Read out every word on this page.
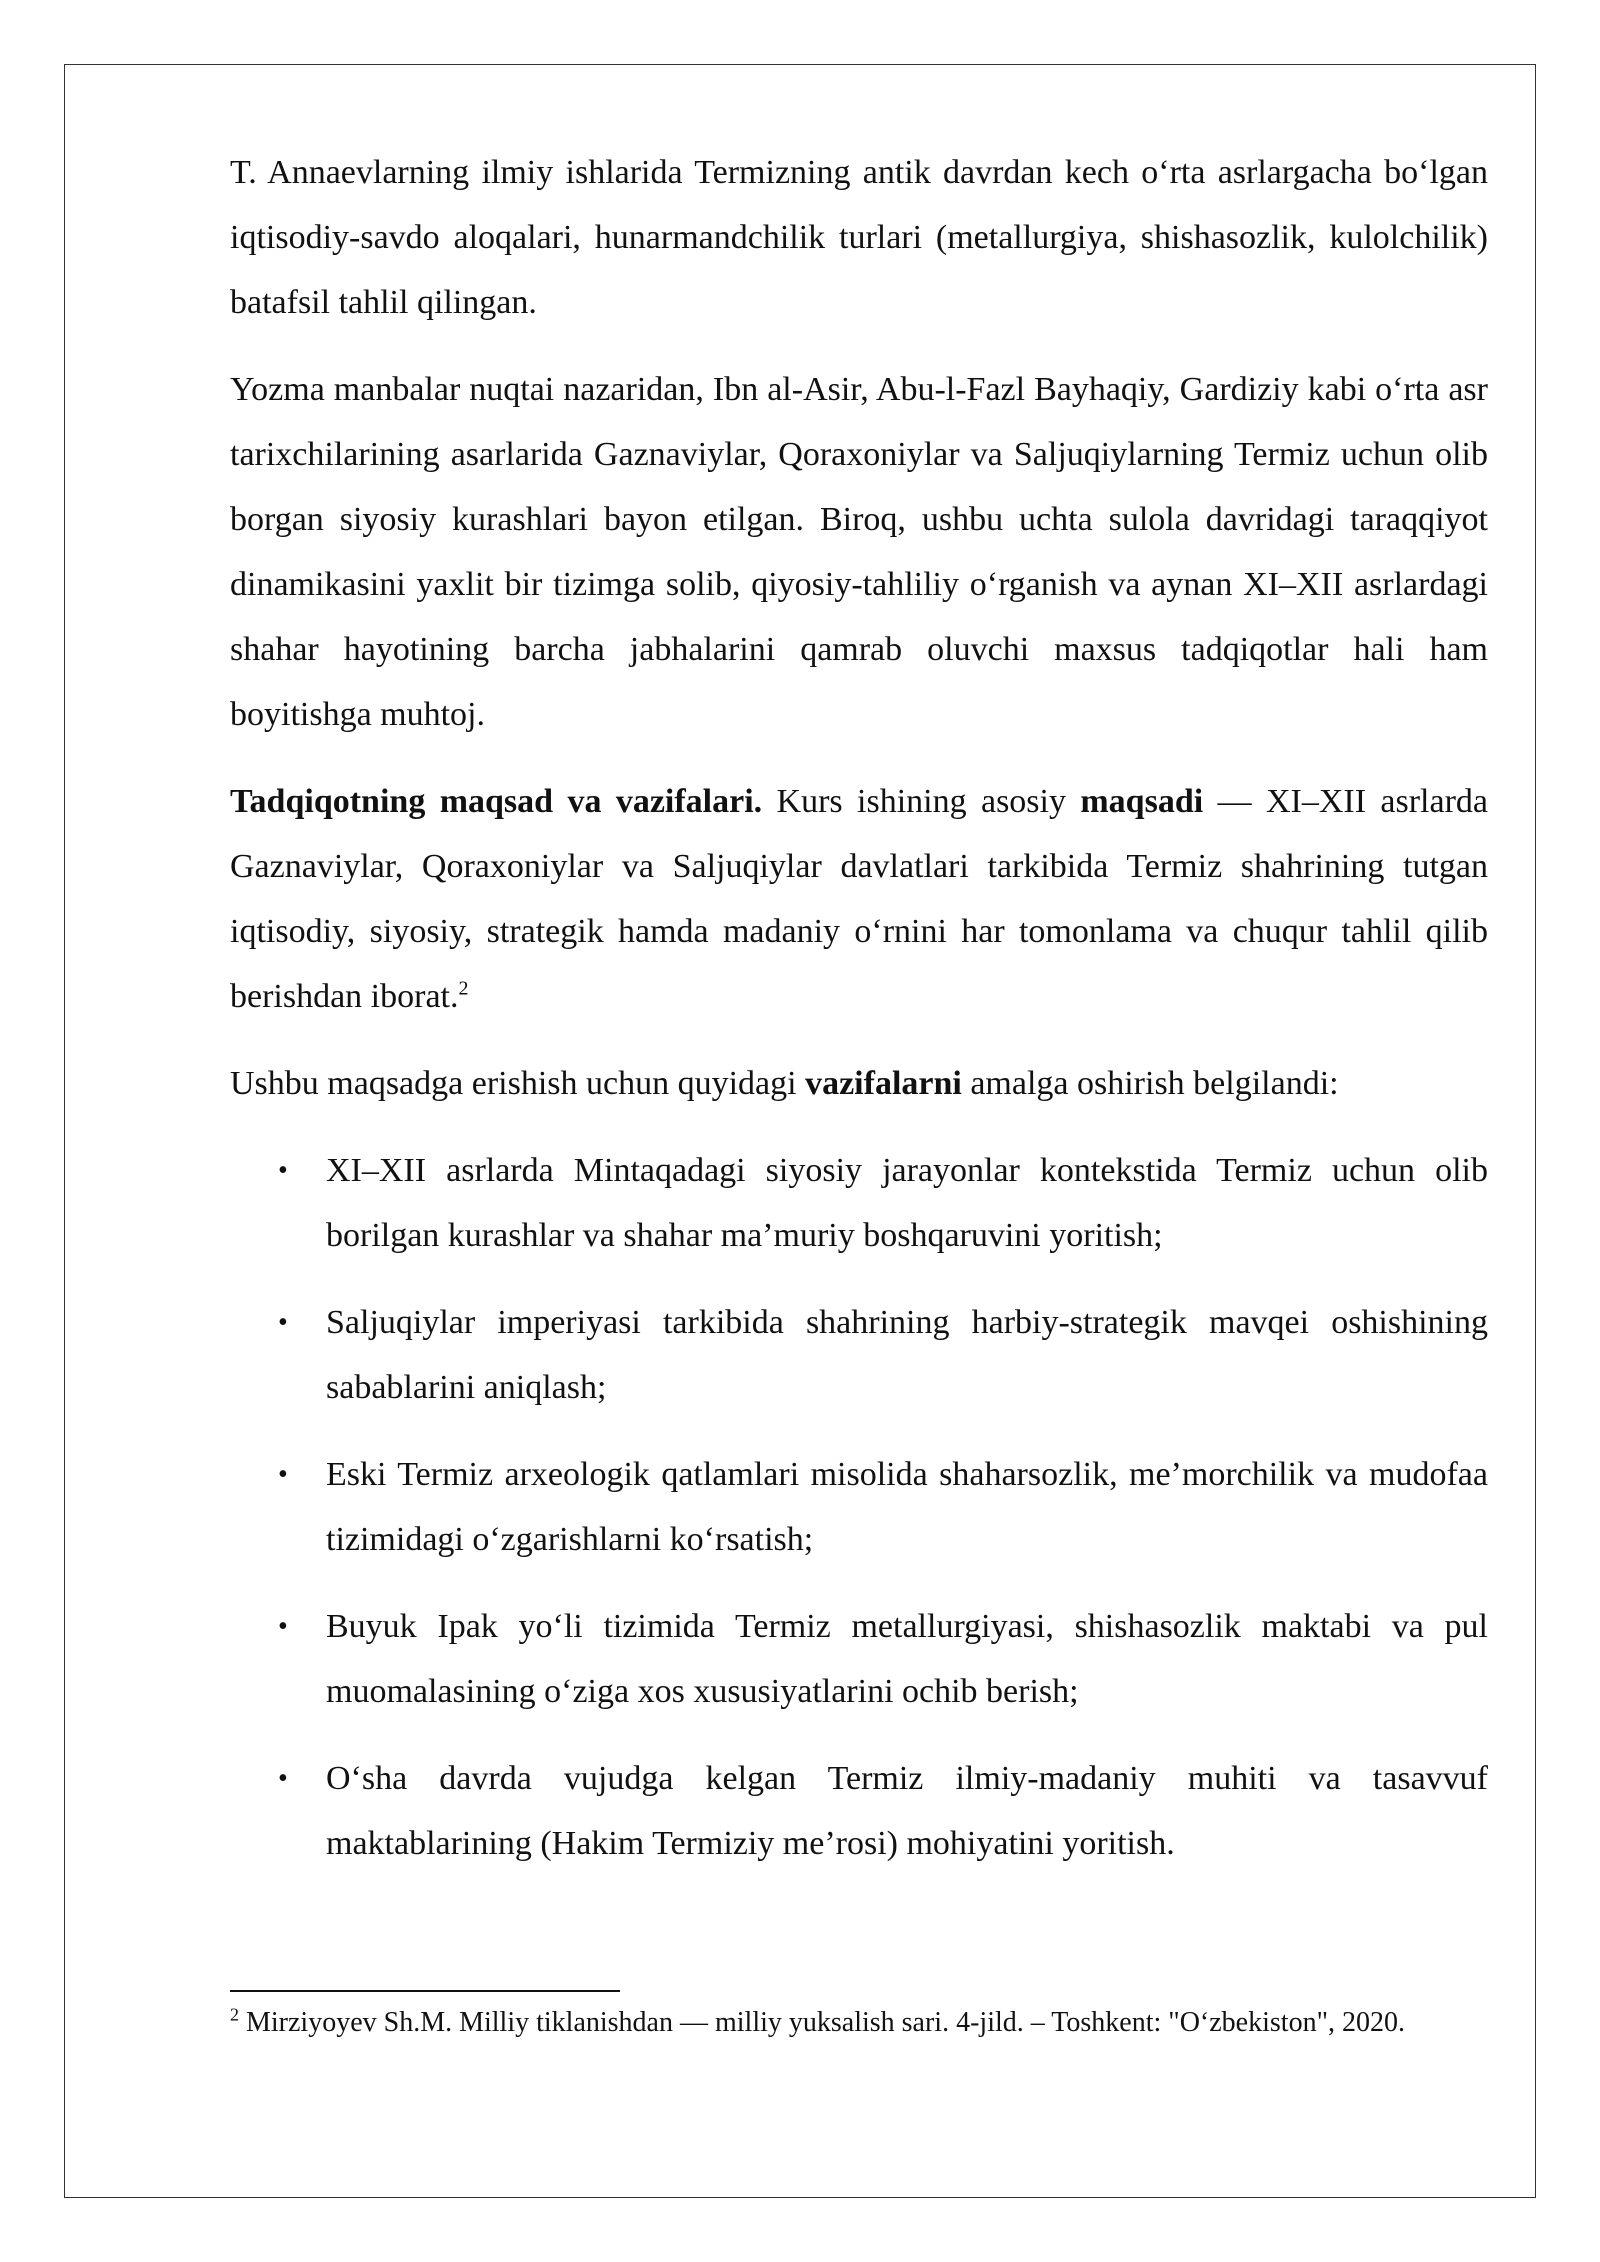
T. Annaevlarning ilmiy ishlarida Termizning antik davrdan kech o‘rta asrlargacha bo‘lgan iqtisodiy-savdo aloqalari, hunarmandchilik turlari (metallurgiya, shishasozlik, kulolchilik) batafsil tahlil qilingan.

Yozma manbalar nuqtai nazaridan, Ibn al-Asir, Abu-l-Fazl Bayhaqiy, Gardiziy kabi o‘rta asr tarixchilarining asarlarida Gaznaviylar, Qoraxoniylar va Saljuqiylarning Termiz uchun olib borgan siyosiy kurashlari bayon etilgan. Biroq, ushbu uchta sulola davridagi taraqqiyot dinamikasini yaxlit bir tizimga solib, qiyosiy-tahliliy o‘rganish va aynan XI–XII asrlardagi shahar hayotining barcha jabhalarini qamrab oluvchi maxsus tadqiqotlar hali ham boyitishga muhtoj.

Tadqiqotning maqsad va vazifalari. Kurs ishining asosiy maqsadi — XI–XII asrlarda Gaznaviylar, Qoraxoniylar va Saljuqiylar davlatlari tarkibida Termiz shahrining tutgan iqtisodiy, siyosiy, strategik hamda madaniy o‘rnini har tomonlama va chuqur tahlil qilib berishdan iborat.$^2$

Ushbu maqsadga erishish uchun quyidagi vazifalarni amalga oshirish belgilandi:

• XI–XII asrlarda Mintaqadagi siyosiy jarayonlar kontekstida Termiz uchun olib borilgan kurashlar va shahar ma’muriy boshqaruvini yoritish;
• Saljuqiylar imperiyasi tarkibida shahrining harbiy-strategik mavqei oshishining sabablarini aniqlash;
• Eski Termiz arxeologik qatlamlari misolida shaharsozlik, me’morchilik va mudofaa tizimidagi o‘zgarishlarni ko‘rsatish;
• Buyuk Ipak yo‘li tizimida Termiz metallurgiyasi, shishasozlik maktabi va pul muomalasining o‘ziga xos xususiyatlarini ochib berish;
• O‘sha davrda vujudga kelgan Termiz ilmiy-madaniy muhiti va tasavvuf maktablarining (Hakim Termiziy me’rosi) mohiyatini yoritish.
$^2$ Mirziyoyev Sh.M. Milliy tiklanishdan — milliy yuksalish sari. 4-jild. – Toshkent: "O‘zbekiston", 2020.
